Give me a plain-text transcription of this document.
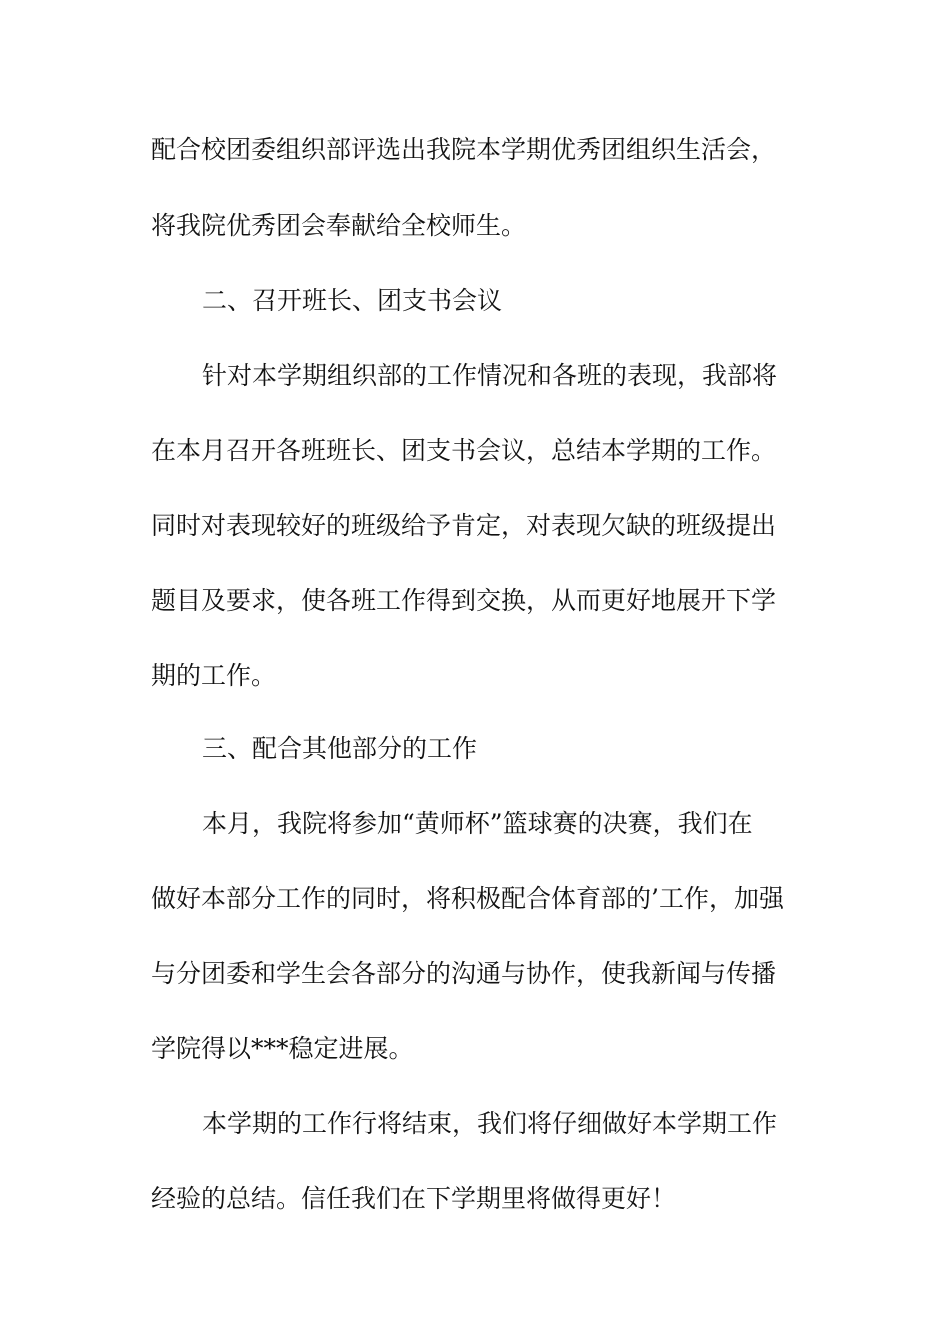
配合校团委组织部评选出我院本学期优秀团组织生活会，
将我院优秀团会奉献给全校师生。
二、召开班长、团支书会议
针对本学期组织部的工作情况和各班的表现，我部将
在本月召开各班班长、团支书会议，总结本学期的工作。
同时对表现较好的班级给予肯定，对表现欠缺的班级提出
题目及要求，使各班工作得到交换，从而更好地展开下学
期的工作。
三、配合其他部分的工作
本月，我院将参加“黄师杯”篮球赛的决赛，我们在
做好本部分工作的同时，将积极配合体育部的’工作，加强
与分团委和学生会各部分的沟通与协作，使我新闻与传播
学院得以***稳定进展。
本学期的工作行将结束，我们将仔细做好本学期工作
经验的总结。信任我们在下学期里将做得更好！
